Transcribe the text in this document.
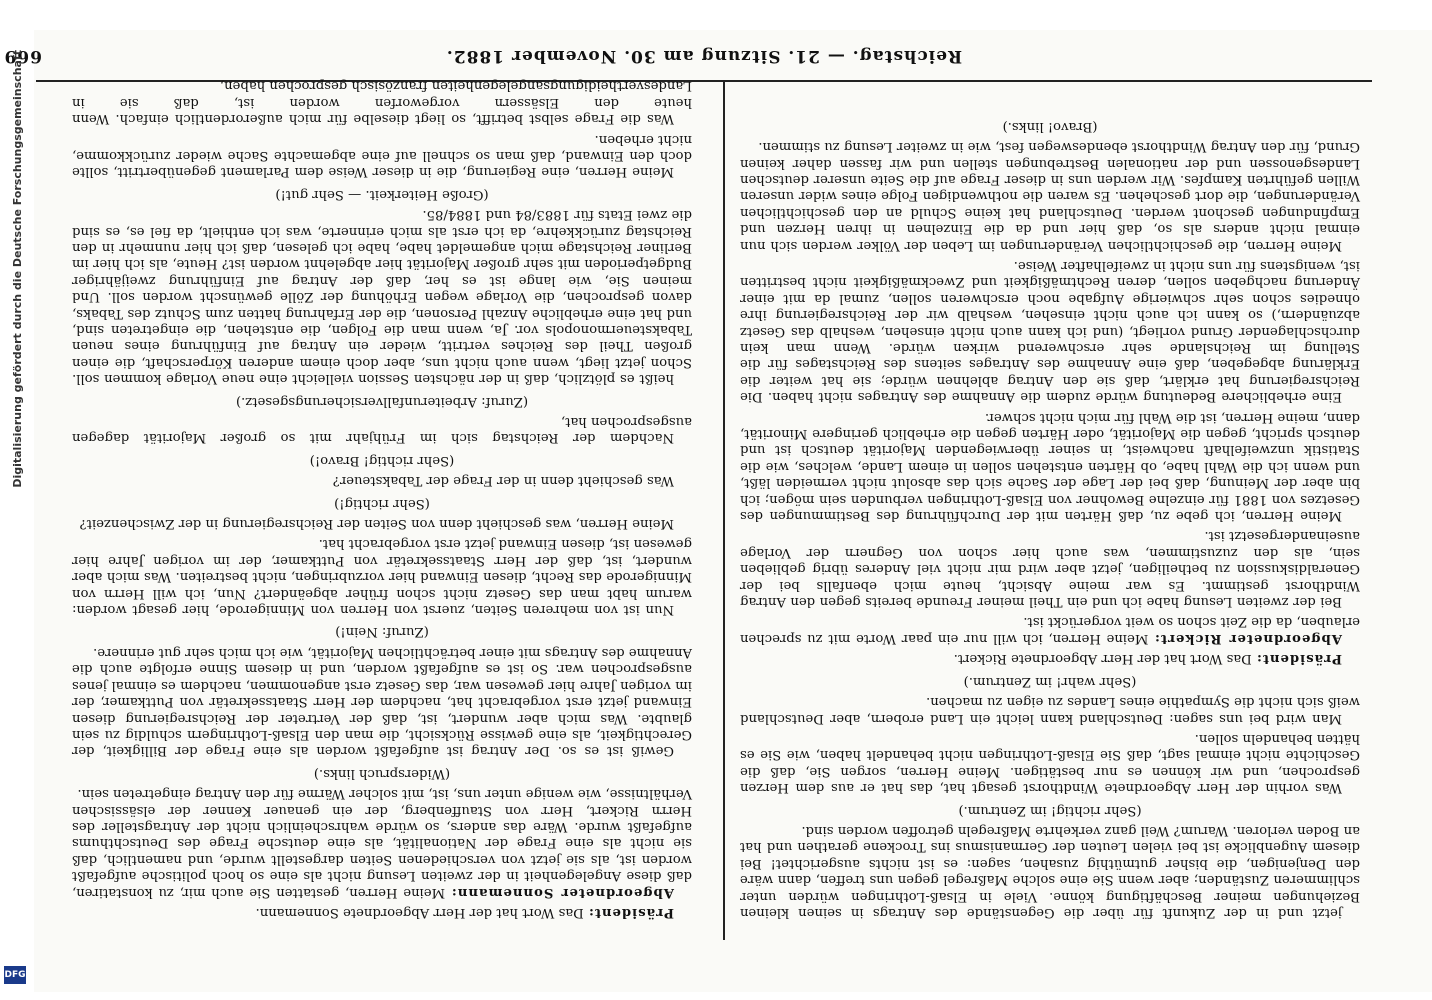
Reichstag. — 21. Sitzung am 30. November 1882.
669

jetzt und in der Zukunft für über die Gegenstände des Antrags in seinen kleinen Beziehungen meiner Beschäftigung könne. Viele in Elsaß-Lothringen würden unter schlimmeren Zuständen; aber wenn Sie eine solche Maßregel gegen uns treffen, dann wäre den Denjenigen, die bisher gutmüthig zusahen, sagen: es ist nichts ausgerichtet! Bei diesem Augenblicke ist bei vielen Leuten der Germanismus ins Trockene gerathen und hat an Boden verloren. Warum? Weil ganz verkehrte Maßregeln getroffen worden sind.

(Sehr richtig! im Zentrum.)

Was vorhin der Herr Abgeordnete Windthorst gesagt hat, das hat er aus dem Herzen gesprochen, und wir können es nur bestätigen. Meine Herren, sorgen Sie, daß die Geschichte nicht einmal sagt, daß Sie Elsaß-Lothringen nicht behandelt haben, wie Sie es hätten behandeln sollen.

Man wird bei uns sagen: Deutschland kann leicht ein Land erobern, aber Deutschland weiß sich nicht die Sympathie eines Landes zu eigen zu machen.

(Sehr wahr! im Zentrum.)

Präsident: Das Wort hat der Herr Abgeordnete Rickert.

Abgeordneter Rickert: Meine Herren, ich will nur ein paar Worte mit zu sprechen erlauben, da die Zeit schon so weit vorgerückt ist.

Bei der zweiten Lesung habe ich und ein Theil meiner Freunde bereits gegen den Antrag Windthorst gestimmt. Es war meine Absicht, heute mich ebenfalls bei der Generaldiskussion zu betheiligen, jetzt aber wird mir nicht viel Anderes übrig geblieben sein, als den zuzustimmen, was auch hier schon von Gegnern der Vorlage auseinandergesetzt ist.

Meine Herren, ich gebe zu, daß Härten mit der Durchführung des Bestimmungen des Gesetzes von 1881 für einzelne Bewohner von Elsaß-Lothringen verbunden sein mögen; ich bin aber der Meinung, daß bei der Lage der Sache sich das absolut nicht vermeiden läßt, und wenn ich die Wahl habe, ob Härten entstehen sollen in einem Lande, welches, wie die Statistik unzweifelhaft nachweist, in seiner überwiegenden Majorität deutsch ist und deutsch spricht, gegen die Majorität, oder Härten gegen die erheblich geringere Minorität, dann, meine Herren, ist die Wahl für mich nicht schwer.

Eine erheblichere Bedeutung würde zudem die Annahme des Antrages nicht haben. Die Reichsregierung hat erklärt, daß sie den Antrag ablehnen würde; sie hat weiter die Erklärung abgegeben, daß eine Annahme des Antrages seitens des Reichstages für die Stellung im Reichslande sehr erschwerend wirken würde. Wenn man kein durchschlagender Grund vorliegt, (und ich kann auch nicht einsehen, weshalb das Gesetz abzuändern,) so kann ich auch nicht einsehen, weshalb wir der Reichsregierung ihre ohnedies schon sehr schwierige Aufgabe noch erschweren sollen, zumal da mit einer Änderung nachgeben sollen, deren Rechtmäßigkeit und Zweckmäßigkeit nicht bestritten ist, wenigstens für uns nicht in zweifelhafter Weise.

Meine Herren, die geschichtlichen Veränderungen im Leben der Völker werden sich nun einmal nicht anders als so, daß hier und da die Einzelnen in ihren Herzen und Empfindungen geschont werden. Deutschland hat keine Schuld an den geschichtlichen Veränderungen, die dort geschehen. Es waren die nothwendigen Folge eines wider unseren Willen geführten Kampfes. Wir werden uns in dieser Frage auf die Seite unserer deutschen Landesgenossen und der nationalen Bestrebungen stellen und wir fassen daher keinen Grund, für den Antrag Windthorst ebendeswegen fest, wie in zweiter Lesung zu stimmen.

(Bravo! links.)

Präsident: Das Wort hat der Herr Abgeordnete Sonnemann.

Abgeordneter Sonnemann: Meine Herren, gestatten Sie auch mir, zu konstatiren, daß diese Angelegenheit in der zweiten Lesung nicht als eine so hoch politische aufgefaßt worden ist, als sie jetzt von verschiedenen Seiten dargestellt wurde, und namentlich, daß sie nicht als eine Frage der Nationalität, als eine deutsche Frage des Deutschthums aufgefaßt wurde. Wäre das anders, so würde wahrscheinlich nicht der Antragsteller des Herrn Rickert, Herr von Stauffenberg, der ein genauer Kenner der elsässischen Verhältnisse, wie wenige unter uns, ist, mit solcher Wärme für den Antrag eingetreten sein.

(Widerspruch links.)

Gewiß ist es so. Der Antrag ist aufgefaßt worden als eine Frage der Billigkeit, der Gerechtigkeit, als eine gewisse Rücksicht, die man den Elsaß-Lothringern schuldig zu sein glaubte. Was mich aber wundert, ist, daß der Vertreter der Reichsregierung diesen Einwand jetzt erst vorgebracht hat, nachdem der Herr Staatssekretär von Puttkamer, der im vorigen Jahre hier gewesen war, das Gesetz erst angenommen, nachdem es einmal jenes ausgesprochen war. So ist es aufgefaßt worden, und in diesem Sinne erfolgte auch die Annahme des Antrags mit einer beträchtlichen Majorität, wie ich mich sehr gut erinnere.

(Zuruf: Nein!)

Nun ist von mehreren Seiten, zuerst von Herren von Minnigerode, hier gesagt worden: warum habt man das Gesetz nicht schon früher abgeändert? Nun, ich will Herrn von Minnigerode das Recht, diesen Einwand hier vorzubringen, nicht bestreiten. Was mich aber wundert, ist, daß der Herr Staatssekretär von Puttkamer, der im vorigen Jahre hier gewesen ist, diesen Einwand jetzt erst vorgebracht hat.

Meine Herren, was geschieht denn von Seiten der Reichsregierung in der Zwischenzeit?

(Sehr richtig!)

Was geschieht denn in der Frage der Tabaksteuer?

(Sehr richtig! Bravo!)

Nachdem der Reichstag sich im Frühjahr mit so großer Majorität dagegen ausgesprochen hat,

(Zuruf: Arbeiterunfallversicherungsgesetz.)

heißt es plötzlich, daß in der nächsten Session vielleicht eine neue Vorlage kommen soll. Schon jetzt liegt, wenn auch nicht uns, aber doch einem anderen Körperschaft, die einen großen Theil des Reiches vertritt, wieder ein Antrag auf Einführung eines neuen Tabaksteuermonopols vor. Ja, wenn man die Folgen, die entstehen, die eingetreten sind, und hat eine erhebliche Anzahl Personen, die der Erfahrung hatten zum Schutz des Tabaks, davon gesprochen, die Vorlage wegen Erhöhung der Zölle gewünscht worden soll. Und meinen Sie, wie lange ist es her, daß der Antrag auf Einführung zweijähriger Budgetperioden mit sehr großer Majorität hier abgelehnt worden ist? Heute, als ich hier im Berliner Reichstage mich angemeldet habe, habe ich gelesen, daß ich hier nunmehr in den Reichstag zurückkehre, da ich erst als mich erinnerte, was ich enthielt, da fiel es, es sind die zwei Etats für 1883/84 und 1884/85.

(Große Heiterkeit. — Sehr gut!)

Meine Herren, eine Regierung, die in dieser Weise dem Parlament gegenübertritt, sollte doch den Einwand, daß man so schnell auf eine abgemachte Sache wieder zurückkomme, nicht erheben.

Was die Frage selbst betrifft, so liegt dieselbe für mich außerordentlich einfach. Wenn heute den Elsässern vorgeworfen worden ist, daß sie in Landesvertheidigungsangelegenheiten französisch gesprochen haben,

Digitalisierung gefördert durch die Deutsche Forschungsgemeinschaft
DFG
